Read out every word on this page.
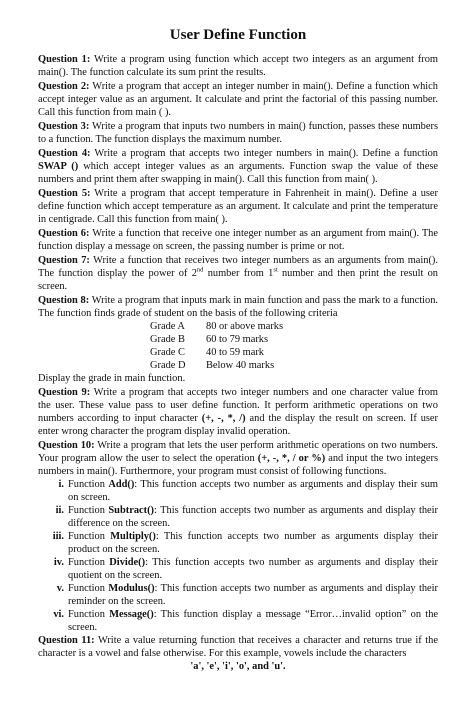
User Define Function

Question 1: Write a program using function which accept two integers as an argument from main(). The function calculate its sum print the results.

Question 2: Write a program that accept an integer number in main(). Define a function which accept integer value as an argument. It calculate and print the factorial of this passing number. Call this function from main ( ).

Question 3: Write a program that inputs two numbers in main() function, passes these numbers to a function. The function displays the maximum number.

Question 4: Write a program that accepts two integer numbers in main(). Define a function SWAP () which accept integer values as an arguments. Function swap the value of these numbers and print them after swapping in main(). Call this function from main( ).

Question 5: Write a program that accept temperature in Fahrenheit in main(). Define a user define function which accept temperature as an argument. It calculate and print the temperature in centigrade. Call this function from main( ).

Question 6: Write a function that receive one integer number as an argument from main(). The function display a message on screen, the passing number is prime or not.

Question 7: Write a function that receives two integer numbers as an arguments from main(). The function display the power of 2nd number from 1st number and then print the result on screen.

Question 8: Write a program that inputs mark in main function and pass the mark to a function. The function finds grade of student on the basis of the following criteria

Grade A	80 or above marks
Grade B	60 to 79 marks
Grade C	40 to 59 mark
Grade D	Below 40 marks
Display the grade in main function.

Question 9: Write a program that accepts two integer numbers and one character value from the user. These value pass to user define function. It perform arithmetic operations on two numbers according to input character (+, -, *, /) and the display the result on screen. If user enter wrong character the program display invalid operation.

Question 10: Write a program that lets the user perform arithmetic operations on two numbers. Your program allow the user to select the operation (+, -, *, / or %) and input the two integers numbers in main(). Furthermore, your program must consist of following functions.

i. Function Add(): This function accepts two number as arguments and display their sum on screen.
ii. Function Subtract(): This function accepts two number as arguments and display their difference on the screen.
iii. Function Multiply(): This function accepts two number as arguments display their product on the screen.
iv. Function Divide(): This function accepts two number as arguments and display their quotient on the screen.
v. Function Modulus(): This function accepts two number as arguments and display their reminder on the screen.
vi. Function Message(): This function display a message “Error…invalid option” on the screen.

Question 11: Write a value returning function that receives a character and returns true if the character is a vowel and false otherwise. For this example, vowels include the characters

'a', 'e', 'i', 'o', and 'u'.
